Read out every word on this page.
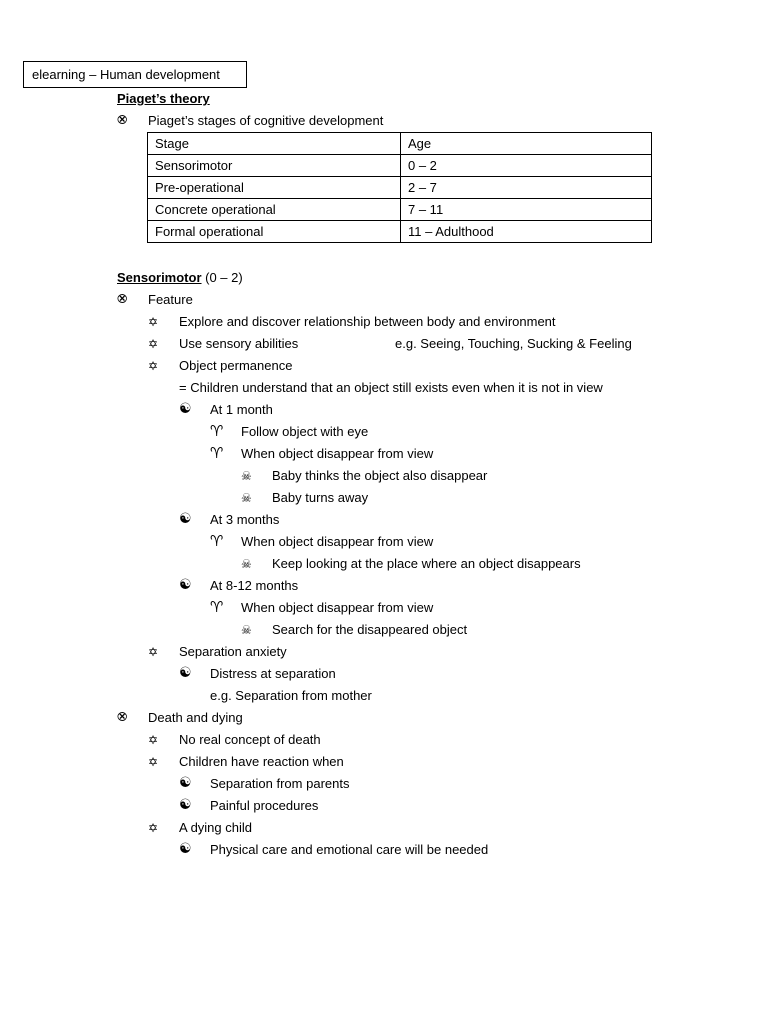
elearning – Human development
Piaget’s theory
⮿ Piaget’s stages of cognitive development
Stage	Age
Sensorimotor	0 – 2
Pre-operational	2 – 7
Concrete operational	7 – 11
Formal operational	11 – Adulthood
Sensorimotor (0 – 2)
⮿ Feature
✡ Explore and discover relationship between body and environment
✡ Use sensory abilities	e.g. Seeing, Touching, Sucking & Feeling
✡ Object permanence
= Children understand that an object still exists even when it is not in view
☯ At 1 month
♈ Follow object with eye
♈ When object disappear from view
☠ Baby thinks the object also disappear
☠ Baby turns away
☯ At 3 months
♈ When object disappear from view
☠ Keep looking at the place where an object disappears
☯ At 8-12 months
♈ When object disappear from view
☠ Search for the disappeared object
✡ Separation anxiety
☯ Distress at separation
e.g. Separation from mother
⮿ Death and dying
✡ No real concept of death
✡ Children have reaction when
☯ Separation from parents
☯ Painful procedures
✡ A dying child
☯ Physical care and emotional care will be needed
